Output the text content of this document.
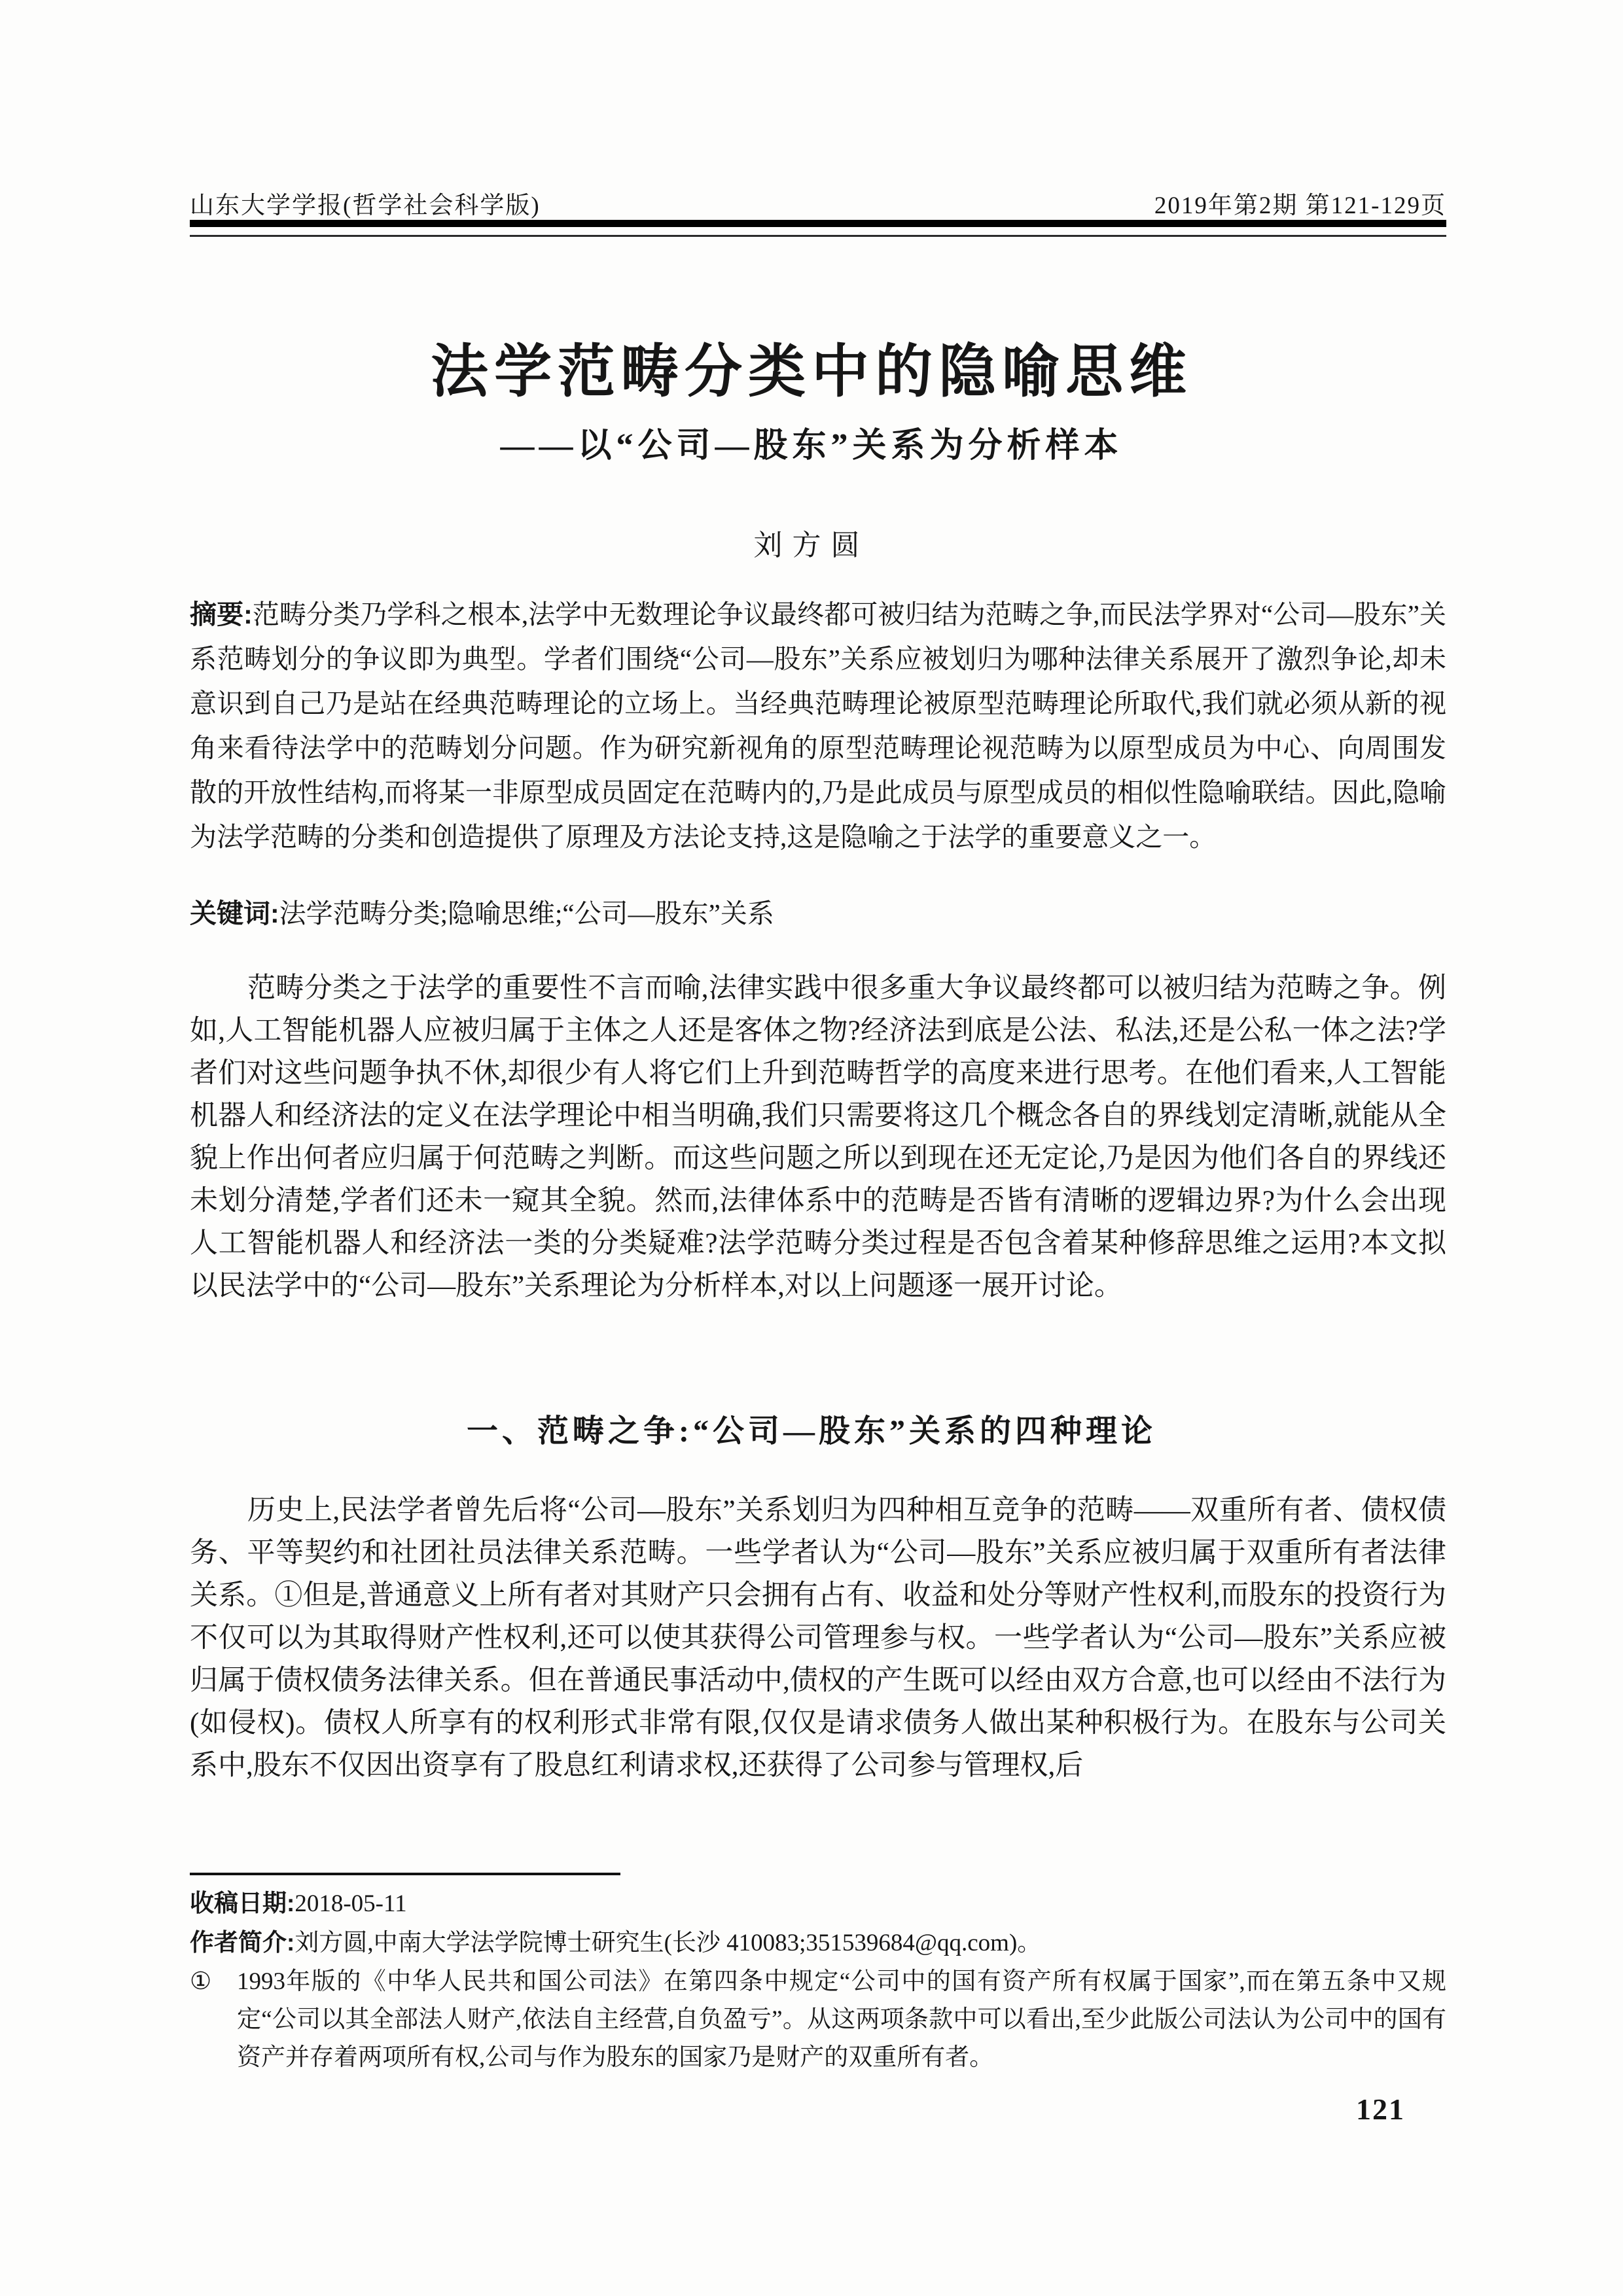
山东大学学报(哲学社会科学版)	2019年第2期 第121-129页
法学范畴分类中的隐喻思维
——以“公司—股东”关系为分析样本
刘方圆
摘要:范畴分类乃学科之根本,法学中无数理论争议最终都可被归结为范畴之争,而民法学界对“公司—股东”关系范畴划分的争议即为典型。学者们围绕“公司—股东”关系应被划归为哪种法律关系展开了激烈争论,却未意识到自己乃是站在经典范畴理论的立场上。当经典范畴理论被原型范畴理论所取代,我们就必须从新的视角来看待法学中的范畴划分问题。作为研究新视角的原型范畴理论视范畴为以原型成员为中心、向周围发散的开放性结构,而将某一非原型成员固定在范畴内的,乃是此成员与原型成员的相似性隐喻联结。因此,隐喻为法学范畴的分类和创造提供了原理及方法论支持,这是隐喻之于法学的重要意义之一。
关键词:法学范畴分类;隐喻思维;“公司—股东”关系

范畴分类之于法学的重要性不言而喻,法律实践中很多重大争议最终都可以被归结为范畴之争。例如,人工智能机器人应被归属于主体之人还是客体之物?经济法到底是公法、私法,还是公私一体之法?学者们对这些问题争执不休,却很少有人将它们上升到范畴哲学的高度来进行思考。在他们看来,人工智能机器人和经济法的定义在法学理论中相当明确,我们只需要将这几个概念各自的界线划定清晰,就能从全貌上作出何者应归属于何范畴之判断。而这些问题之所以到现在还无定论,乃是因为他们各自的界线还未划分清楚,学者们还未一窥其全貌。然而,法律体系中的范畴是否皆有清晰的逻辑边界?为什么会出现人工智能机器人和经济法一类的分类疑难?法学范畴分类过程是否包含着某种修辞思维之运用?本文拟以民法学中的“公司—股东”关系理论为分析样本,对以上问题逐一展开讨论。

一、范畴之争:“公司—股东”关系的四种理论

历史上,民法学者曾先后将“公司—股东”关系划归为四种相互竞争的范畴——双重所有者、债权债务、平等契约和社团社员法律关系范畴。一些学者认为“公司—股东”关系应被归属于双重所有者法律关系。①但是,普通意义上所有者对其财产只会拥有占有、收益和处分等财产性权利,而股东的投资行为不仅可以为其取得财产性权利,还可以使其获得公司管理参与权。一些学者认为“公司—股东”关系应被归属于债权债务法律关系。但在普通民事活动中,债权的产生既可以经由双方合意,也可以经由不法行为(如侵权)。债权人所享有的权利形式非常有限,仅仅是请求债务人做出某种积极行为。在股东与公司关系中,股东不仅因出资享有了股息红利请求权,还获得了公司参与管理权,后

收稿日期:2018-05-11
作者简介:刘方圆,中南大学法学院博士研究生(长沙 410083;351539684@qq.com)。
① 1993年版的《中华人民共和国公司法》在第四条中规定“公司中的国有资产所有权属于国家”,而在第五条中又规定“公司以其全部法人财产,依法自主经营,自负盈亏”。从这两项条款中可以看出,至少此版公司法认为公司中的国有资产并存着两项所有权,公司与作为股东的国家乃是财产的双重所有者。
121
